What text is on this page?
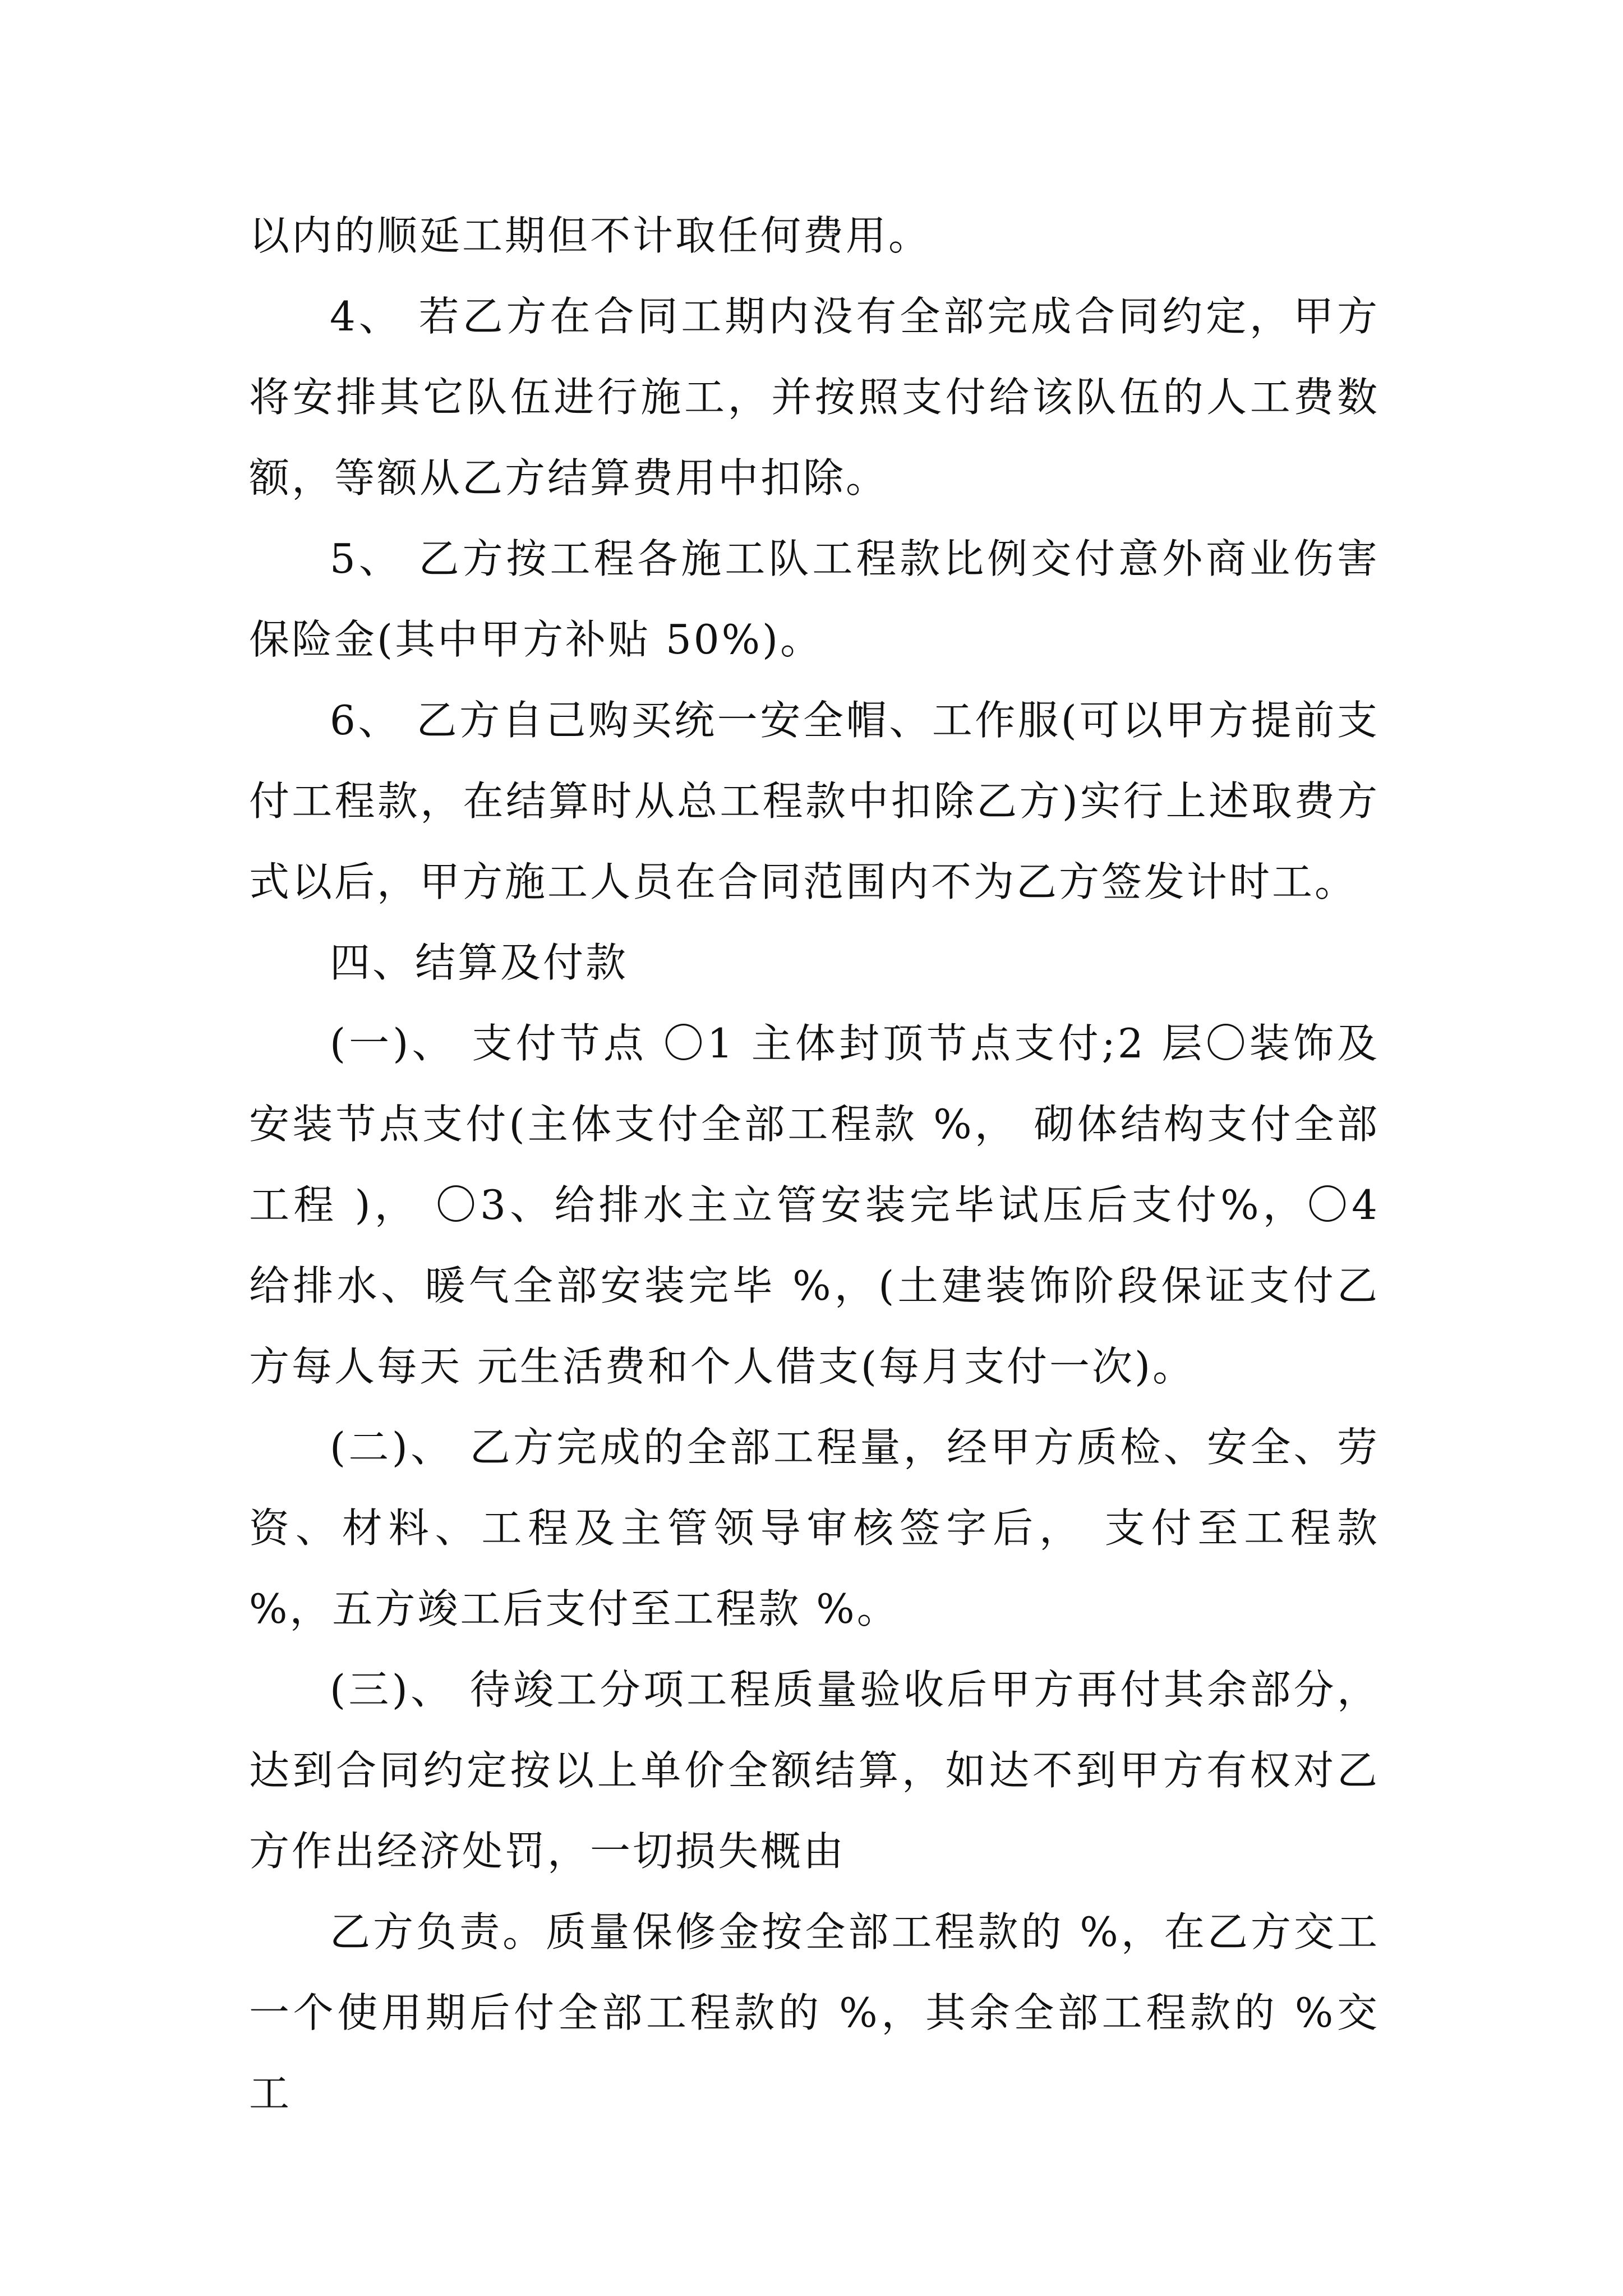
以内的顺延工期但不计取任何费用。

4、 若乙方在合同工期内没有全部完成合同约定，甲方将安排其它队伍进行施工，并按照支付给该队伍的人工费数额，等额从乙方结算费用中扣除。

5、 乙方按工程各施工队工程款比例交付意外商业伤害保险金(其中甲方补贴 50%)。

6、 乙方自己购买统一安全帽、工作服(可以甲方提前支付工程款，在结算时从总工程款中扣除乙方)实行上述取费方式以后，甲方施工人员在合同范围内不为乙方签发计时工。

四、结算及付款

(一)、 支付节点 〇1 主体封顶节点支付;2 层〇装饰及安装节点支付(主体支付全部工程款 %， 砌体结构支付全部工程 )， 〇3、给排水主立管安装完毕试压后支付%，〇4 给排水、暖气全部安装完毕 %，(土建装饰阶段保证支付乙方每人每天 元生活费和个人借支(每月支付一次)。

(二)、 乙方完成的全部工程量，经甲方质检、安全、劳资、材料、工程及主管领导审核签字后， 支付至工程款 %，五方竣工后支付至工程款 %。

(三)、 待竣工分项工程质量验收后甲方再付其余部分，达到合同约定按以上单价全额结算，如达不到甲方有权对乙方作出经济处罚，一切损失概由

乙方负责。质量保修金按全部工程款的 %，在乙方交工一个使用期后付全部工程款的 %，其余全部工程款的 %交工
